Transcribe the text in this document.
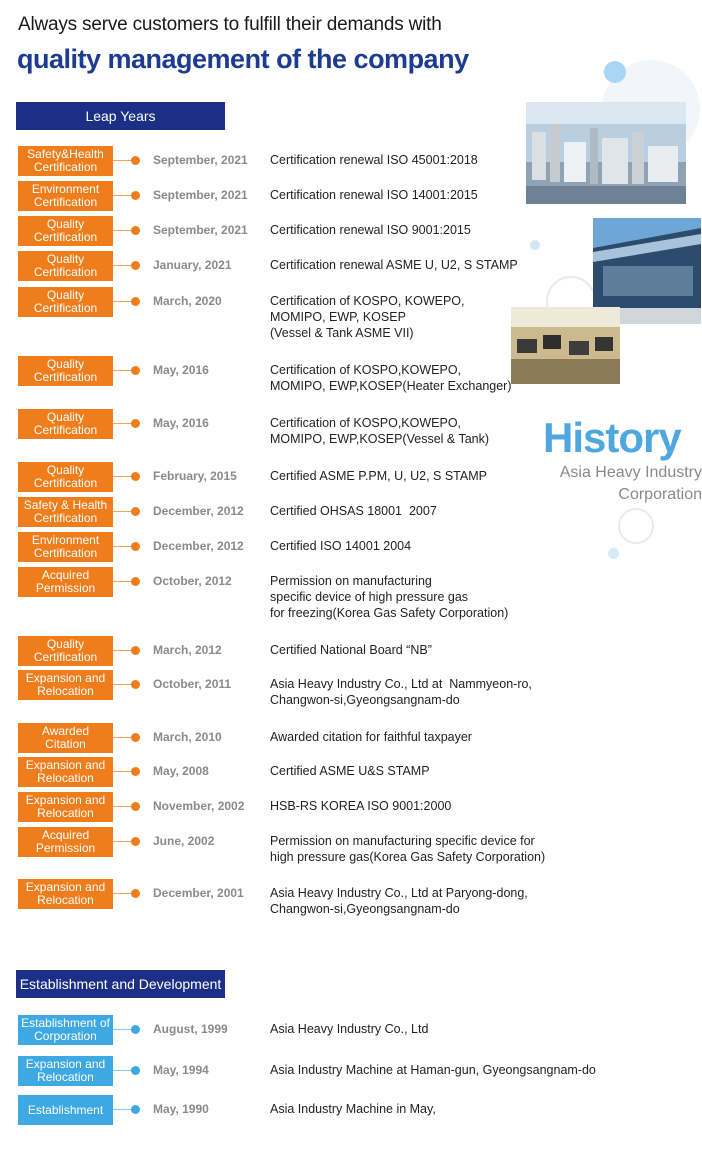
Always serve customers to fulfill their demands with
quality management of the company
History
Asia Heavy Industry
Corporation
Leap Years
Establishment and Development
Safety&Health Certification	September, 2021 Certification renewal ISO 45001:2018
Environment Certification	September, 2021 Certification renewal ISO 14001:2015
Quality Certification	September, 2021 Certification renewal ISO 9001:2015
Quality Certification	January, 2021	Certification renewal ASME U, U2, S STAMP
Quality Certification	March, 2020	Certification of KOSPO, KOWEPO,
MOMIPO, EWP, KOSEP
(Vessel & Tank ASME VII)
Quality Certification	May, 2016	Certification of KOSPO,KOWEPO,
MOMIPO, EWP,KOSEP(Heater Exchanger)
Quality Certification	May, 2016	Certification of KOSPO,KOWEPO,
MOMIPO, EWP,KOSEP(Vessel & Tank)
Quality Certification	February, 2015	Certified ASME P.PM, U, U2, S STAMP
Safety & Health Certification	December, 2012 Certified OHSAS 18001  2007
Environment Certification	December, 2012 Certified ISO 14001 2004
Acquired Permission	October, 2012	Permission on manufacturing
specific device of high pressure gas
for freezing(Korea Gas Safety Corporation)
Quality Certification	March, 2012	Certified National Board “NB”
Expansion and Relocation	October, 2011	Asia Heavy Industry Co., Ltd at  Nammyeon-ro,
Changwon-si,Gyeongsangnam-do
Awarded Citation	March, 2010	Awarded citation for faithful taxpayer
Expansion and Relocation	May, 2008	Certified ASME U&S STAMP
Expansion and Relocation	November, 2002 HSB-RS KOREA ISO 9001:2000
Acquired Permission	June, 2002	Permission on manufacturing specific device for
high pressure gas(Korea Gas Safety Corporation)
Expansion and Relocation	December, 2001 Asia Heavy Industry Co., Ltd at Paryong-dong,
Changwon-si,Gyeongsangnam-do
Establishment of Corporation	August, 1999	Asia Heavy Industry Co., Ltd
Expansion and Relocation	May, 1994	Asia Industry Machine at Haman-gun, Gyeongsangnam-do
Establishment	May, 1990	Asia Industry Machine in May,
